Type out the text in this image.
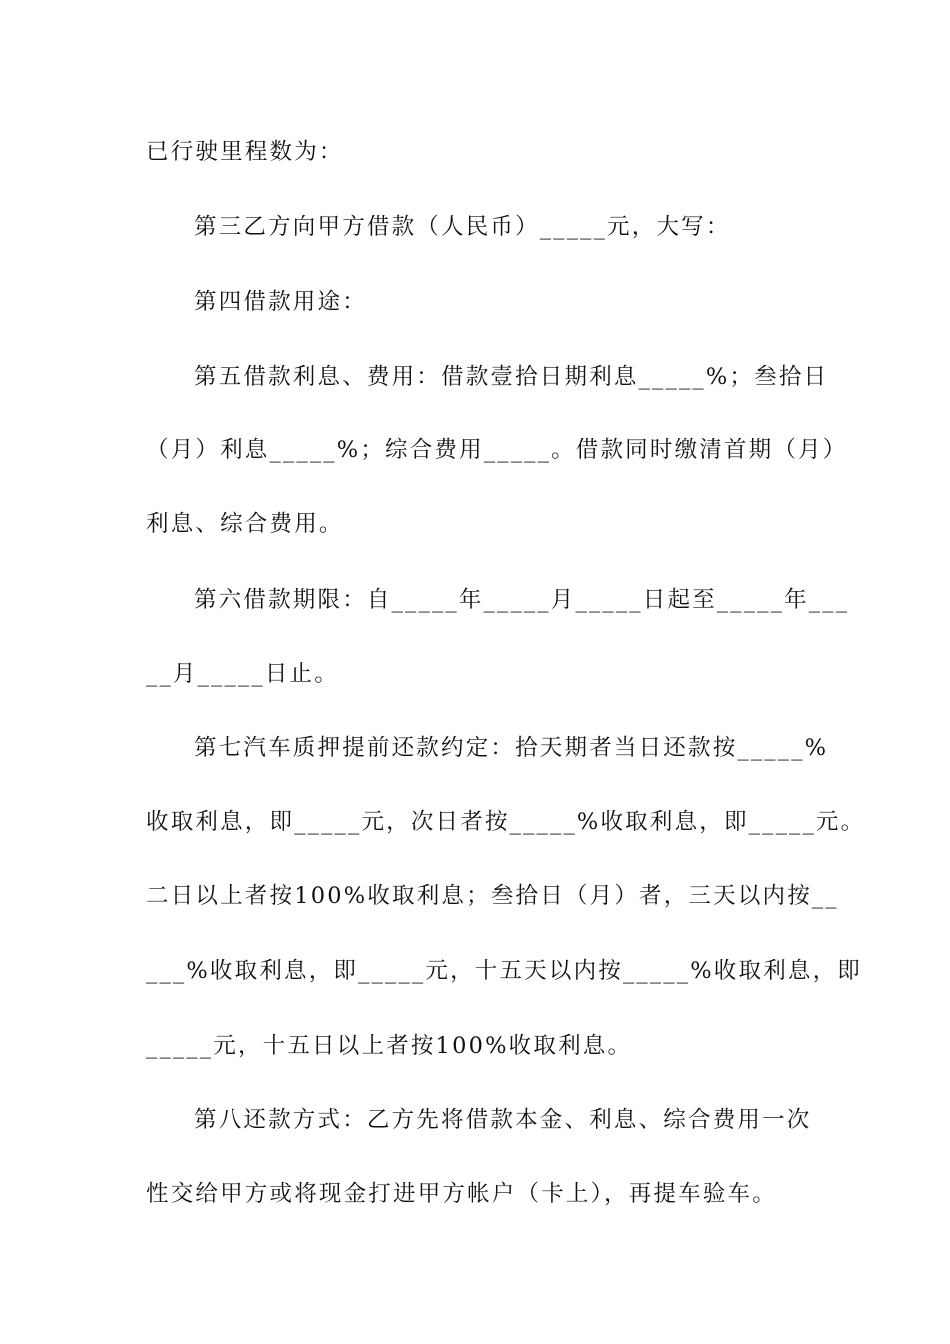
已行驶里程数为：
第三乙方向甲方借款（人民币）_____元，大写：
第四借款用途：
第五借款利息、费用：借款壹拾日期利息_____%；叁拾日
（月）利息_____%；综合费用_____。借款同时缴清首期（月）
利息、综合费用。
第六借款期限：自_____年_____月_____日起至_____年___
__月_____日止。
第七汽车质押提前还款约定：拾天期者当日还款按_____%
收取利息，即_____元，次日者按_____%收取利息，即_____元。
二日以上者按100%收取利息；叁拾日（月）者，三天以内按__
___%收取利息，即_____元，十五天以内按_____%收取利息，即
_____元，十五日以上者按100%收取利息。
第八还款方式：乙方先将借款本金、利息、综合费用一次
性交给甲方或将现金打进甲方帐户（卡上），再提车验车。
